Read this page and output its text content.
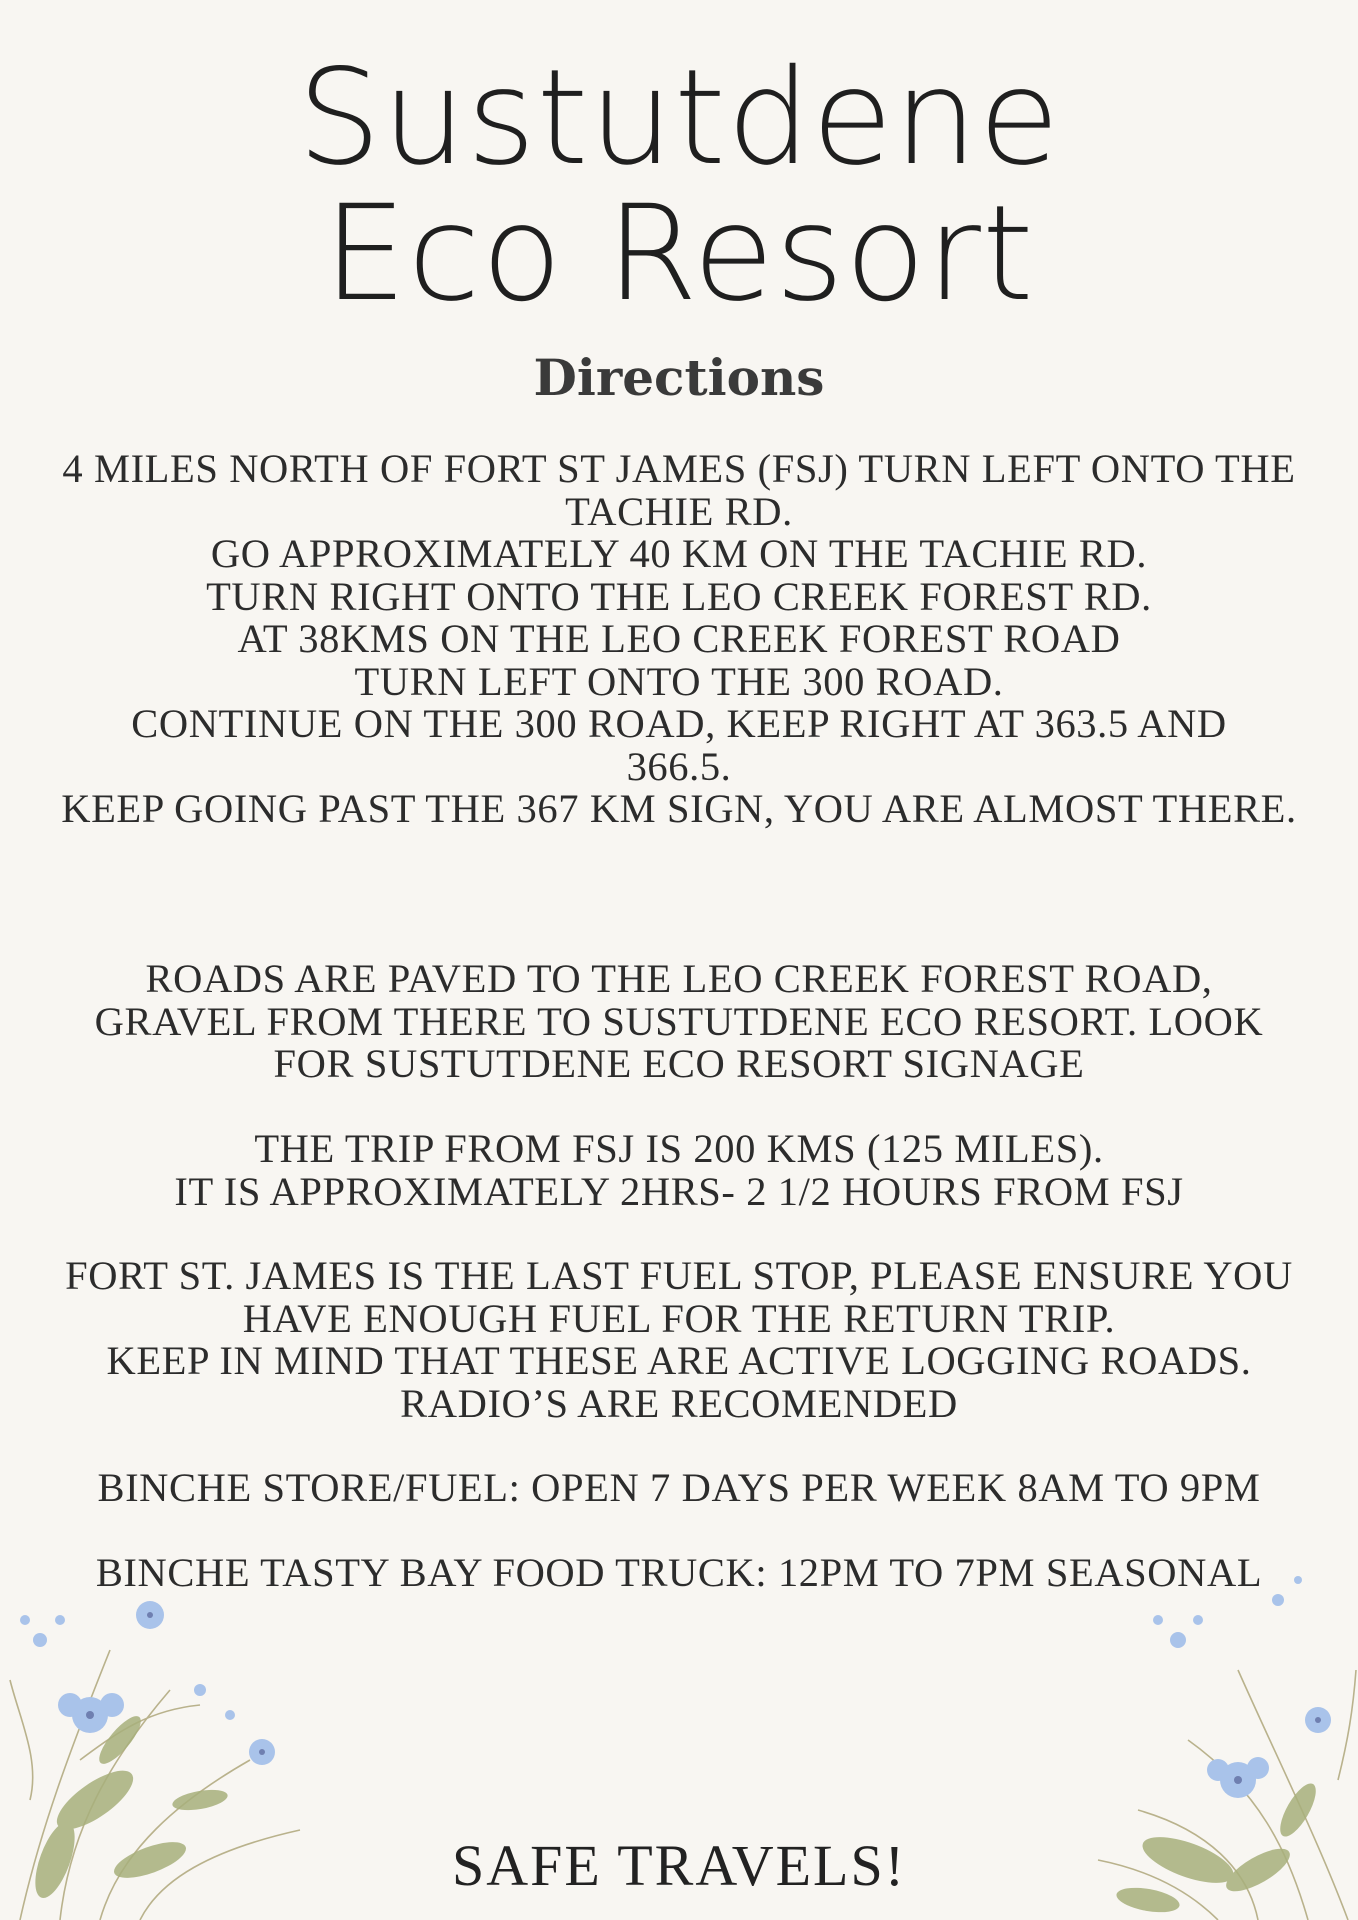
Sustutdene
Eco Resort
Directions
4 MILES NORTH OF FORT ST JAMES (FSJ) TURN LEFT ONTO THE
TACHIE RD.
GO APPROXIMATELY 40 KM ON THE TACHIE RD.
TURN RIGHT ONTO THE LEO CREEK FOREST RD.
AT 38KMS ON THE LEO CREEK FOREST ROAD
TURN LEFT ONTO THE 300 ROAD.
CONTINUE ON THE 300 ROAD, KEEP RIGHT AT 363.5 AND
366.5.
KEEP GOING PAST THE 367 KM SIGN, YOU ARE ALMOST THERE.
ROADS ARE PAVED TO THE LEO CREEK FOREST ROAD,
GRAVEL FROM THERE TO SUSTUTDENE ECO RESORT. LOOK
FOR SUSTUTDENE ECO RESORT SIGNAGE
THE TRIP FROM FSJ IS 200 KMS (125 MILES).
IT IS APPROXIMATELY 2HRS- 2 1/2 HOURS FROM FSJ
FORT ST. JAMES IS THE LAST FUEL STOP, PLEASE ENSURE YOU
HAVE ENOUGH FUEL FOR THE RETURN TRIP.
KEEP IN MIND THAT THESE ARE ACTIVE LOGGING ROADS.
RADIO’S ARE RECOMENDED
BINCHE STORE/FUEL: OPEN 7 DAYS PER WEEK 8AM TO 9PM
BINCHE TASTY BAY FOOD TRUCK: 12PM TO 7PM SEASONAL

SAFE TRAVELS!
